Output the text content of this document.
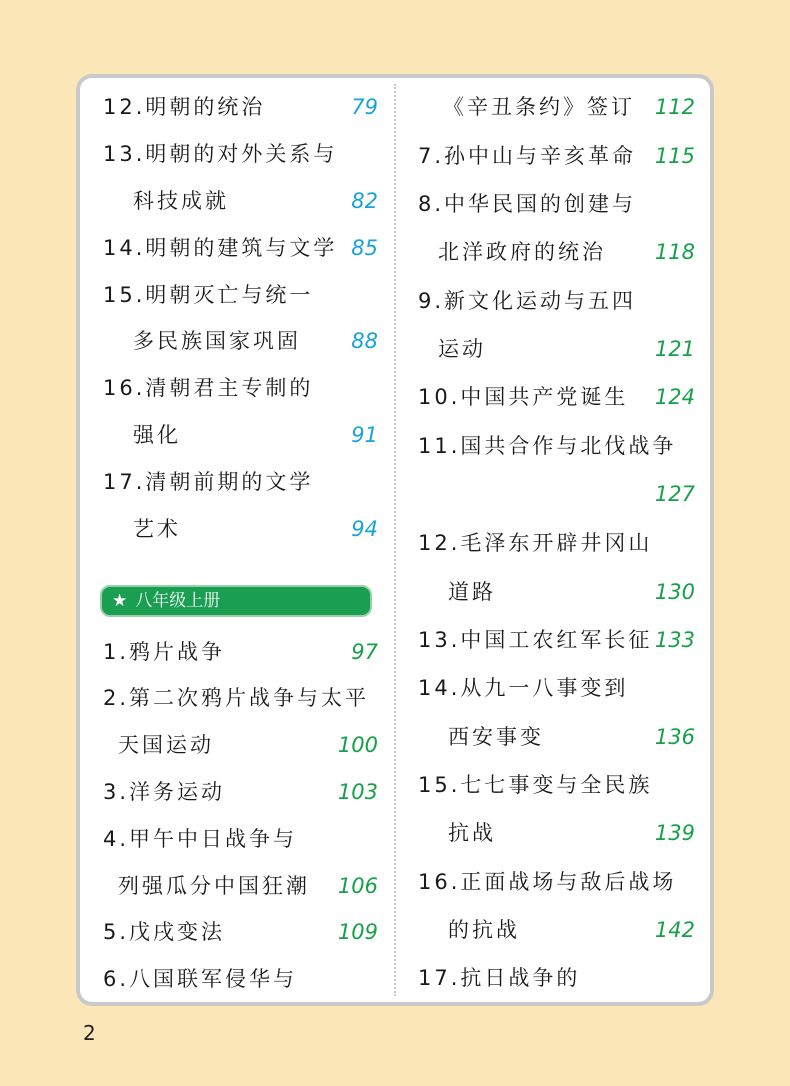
12.明朝的统治	79
13.明朝的对外关系与
科技成就	82
14.明朝的建筑与文学 85
15.明朝灭亡与统一
多民族国家巩固 88
16.清朝君主专制的
强化	91
17.清朝前期的文学
艺术	94
★ 八年级上册
1.鸦片战争	97
2.第二次鸦片战争与太平
天国运动	100
3.洋务运动	103
4.甲午中日战争与
列强瓜分中国狂潮 106
5.戊戌变法	109
6.八国联军侵华与
《辛丑条约》签订 112
7.孙中山与辛亥革命 115
8.中华民国的创建与
北洋政府的统治 118
9.新文化运动与五四
运动	121
10.中国共产党诞生 124
11.国共合作与北伐战争
127
12.毛泽东开辟井冈山
道路	130
13.中国工农红军长征 133
14.从九一八事变到
西安事变	136
15.七七事变与全民族
抗战	139
16.正面战场与敌后战场
的抗战	142
17.抗日战争的
2
